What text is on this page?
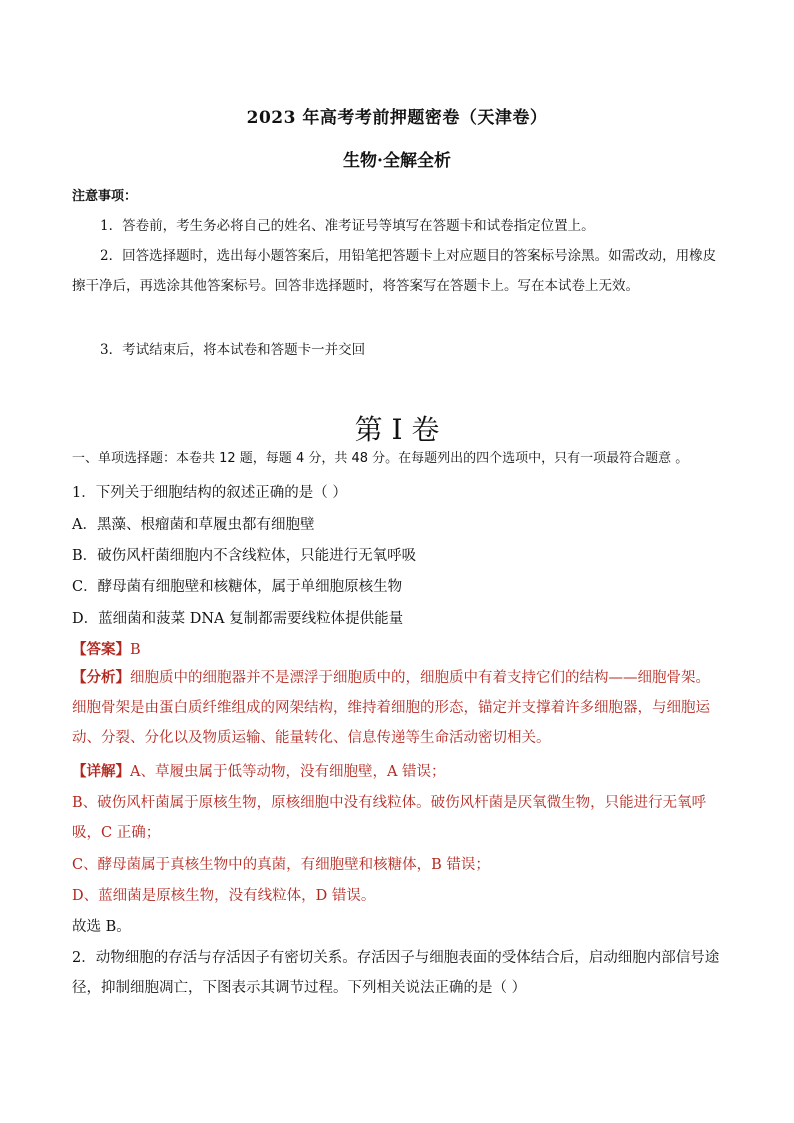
2023 年高考考前押题密卷（天津卷）
生物·全解全析
注意事项：
1．答卷前，考生务必将自己的姓名、准考证号等填写在答题卡和试卷指定位置上。
2．回答选择题时，选出每小题答案后，用铅笔把答题卡上对应题目的答案标号涂黑。如需改动，用橡皮擦干净后，再选涂其他答案标号。回答非选择题时，将答案写在答题卡上。写在本试卷上无效。
3．考试结束后，将本试卷和答题卡一并交回
第 I 卷
一、单项选择题：本卷共 12 题，每题 4 分，共 48 分。在每题列出的四个选项中，只有一项最符合题意 。
1．下列关于细胞结构的叙述正确的是（ ）
A．黑藻、根瘤菌和草履虫都有细胞壁
B．破伤风杆菌细胞内不含线粒体，只能进行无氧呼吸
C．酵母菌有细胞壁和核糖体，属于单细胞原核生物
D．蓝细菌和菠菜 DNA 复制都需要线粒体提供能量
【答案】B
【分析】细胞质中的细胞器并不是漂浮于细胞质中的，细胞质中有着支持它们的结构——细胞骨架。细胞骨架是由蛋白质纤维组成的网架结构，维持着细胞的形态，锚定并支撑着许多细胞器，与细胞运动、分裂、分化以及物质运输、能量转化、信息传递等生命活动密切相关。
【详解】A、草履虫属于低等动物，没有细胞壁，A 错误；
B、破伤风杆菌属于原核生物，原核细胞中没有线粒体。破伤风杆菌是厌氧微生物，只能进行无氧呼吸，C 正确；
C、酵母菌属于真核生物中的真菌，有细胞壁和核糖体，B 错误；
D、蓝细菌是原核生物，没有线粒体，D 错误。
故选 B。
2．动物细胞的存活与存活因子有密切关系。存活因子与细胞表面的受体结合后，启动细胞内部信号途径，抑制细胞凋亡，下图表示其调节过程。下列相关说法正确的是（ ）
